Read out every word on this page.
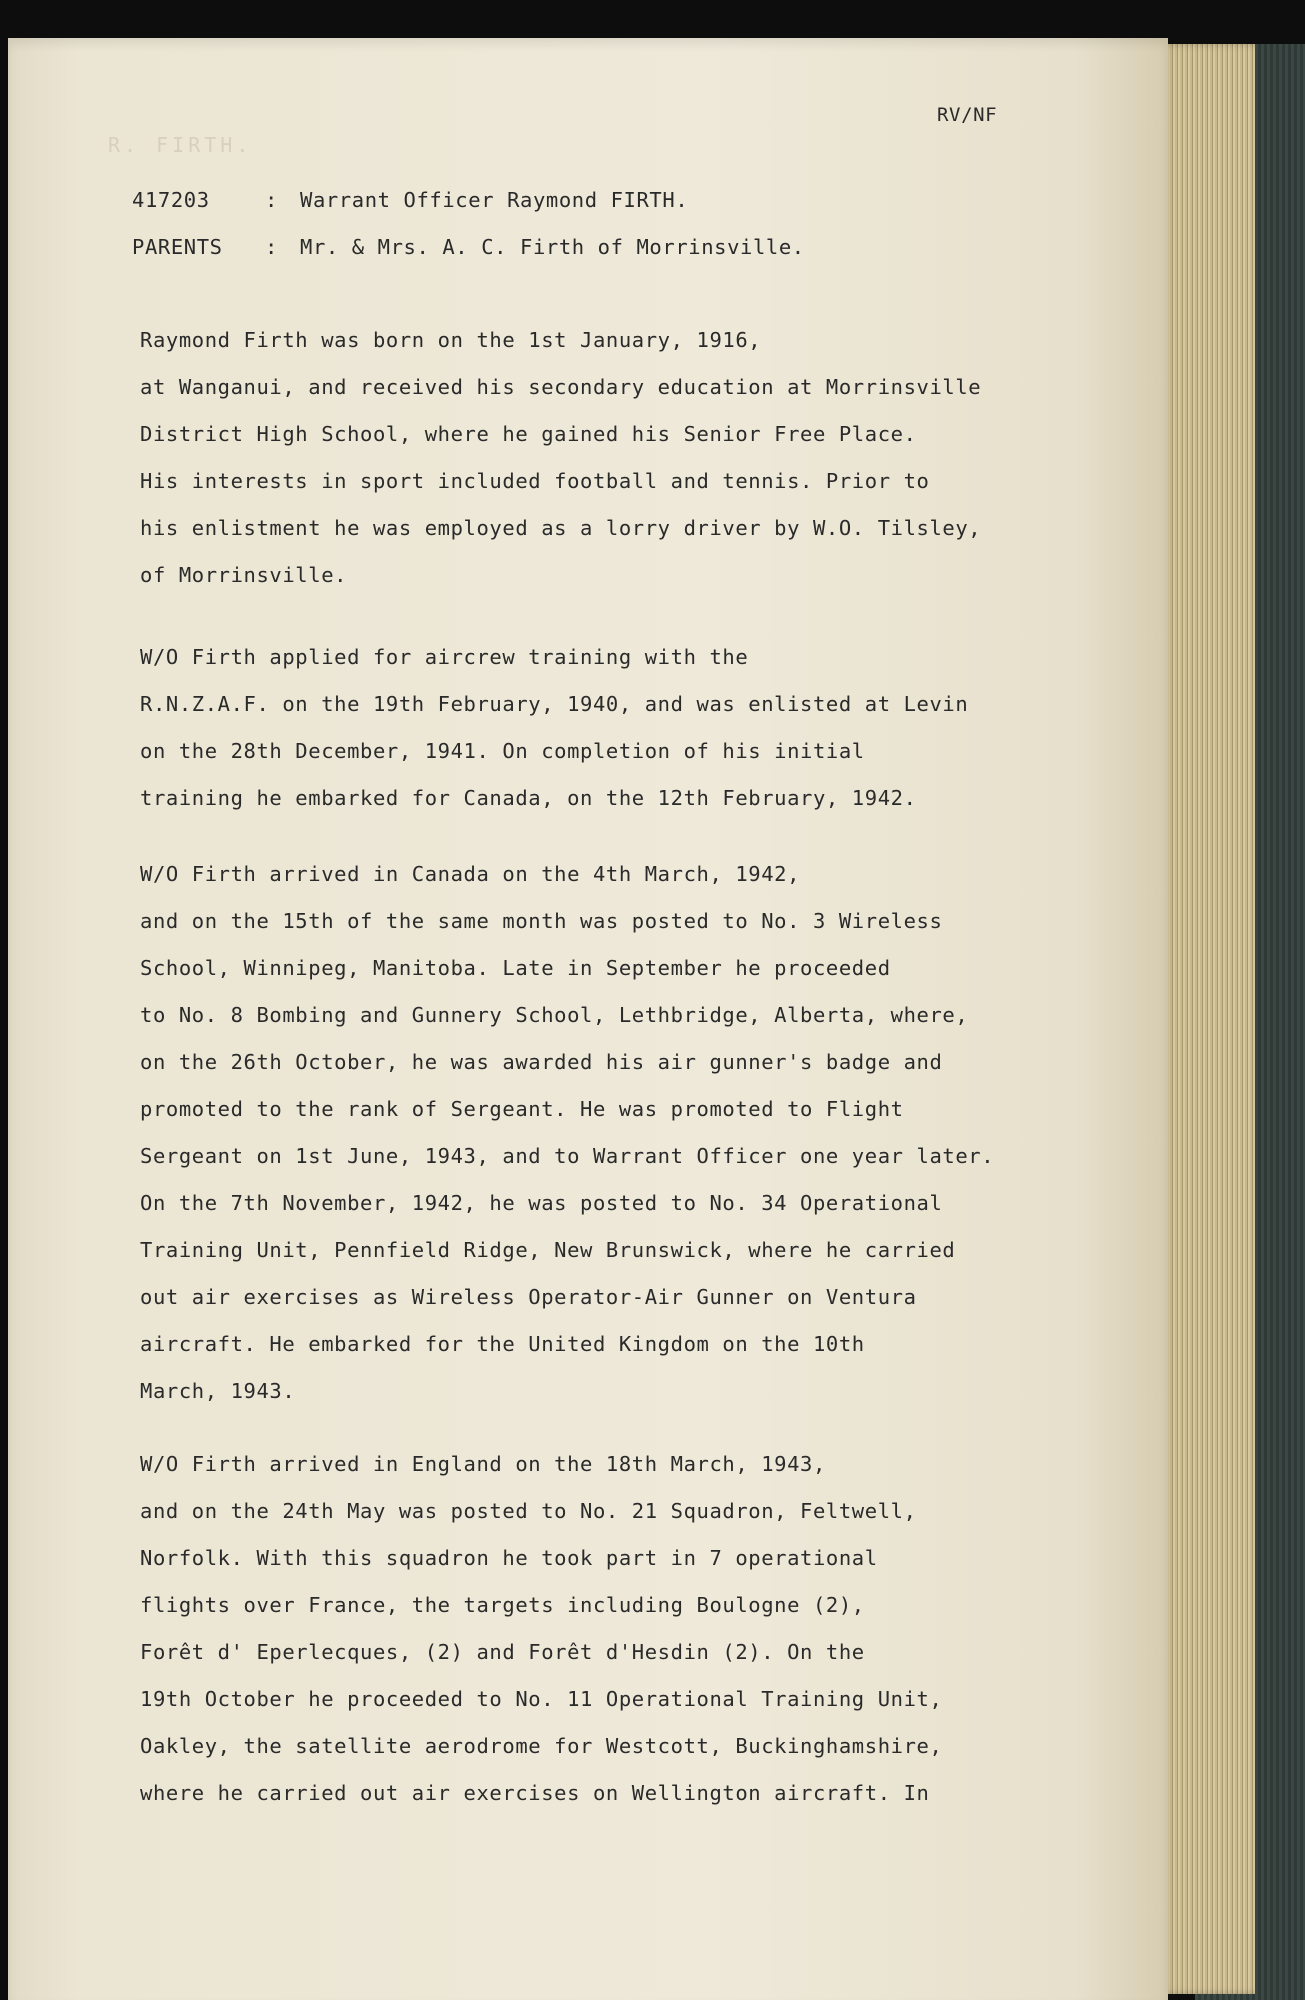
R. FIRTH.
RV/NF
417203	: Warrant Officer Raymond FIRTH.
PARENTS : Mr. & Mrs. A. C. Firth of Morrinsville.
Raymond Firth was born on the 1st January, 1916,
at Wanganui, and received his secondary education at Morrinsville
District High School, where he gained his Senior Free Place.
His interests in sport included football and tennis. Prior to
his enlistment he was employed as a lorry driver by W.O. Tilsley,
of Morrinsville.
W/O Firth applied for aircrew training with the
R.N.Z.A.F. on the 19th February, 1940, and was enlisted at Levin
on the 28th December, 1941. On completion of his initial
training he embarked for Canada, on the 12th February, 1942.
W/O Firth arrived in Canada on the 4th March, 1942,
and on the 15th of the same month was posted to No. 3 Wireless
School, Winnipeg, Manitoba. Late in September he proceeded
to No. 8 Bombing and Gunnery School, Lethbridge, Alberta, where,
on the 26th October, he was awarded his air gunner's badge and
promoted to the rank of Sergeant. He was promoted to Flight
Sergeant on 1st June, 1943, and to Warrant Officer one year later.
On the 7th November, 1942, he was posted to No. 34 Operational
Training Unit, Pennfield Ridge, New Brunswick, where he carried
out air exercises as Wireless Operator-Air Gunner on Ventura
aircraft. He embarked for the United Kingdom on the 10th
March, 1943.
W/O Firth arrived in England on the 18th March, 1943,
and on the 24th May was posted to No. 21 Squadron, Feltwell,
Norfolk. With this squadron he took part in 7 operational
flights over France, the targets including Boulogne (2),
Forêt d' Eperlecques, (2) and Forêt d'Hesdin (2). On the
19th October he proceeded to No. 11 Operational Training Unit,
Oakley, the satellite aerodrome for Westcott, Buckinghamshire,
where he carried out air exercises on Wellington aircraft. In
